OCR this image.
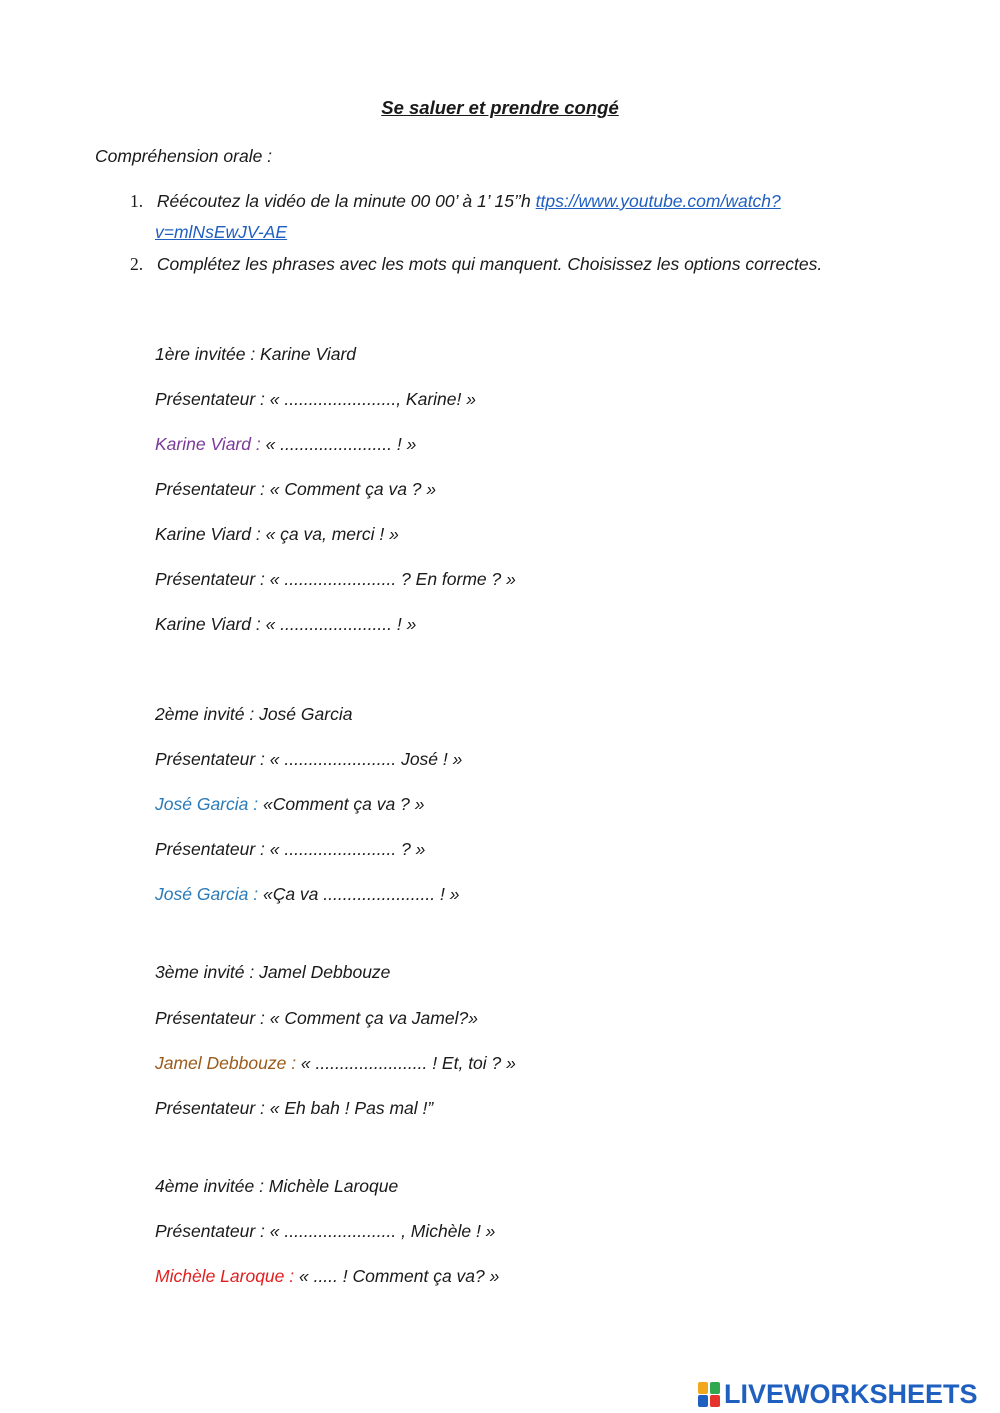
Se saluer et prendre congé
Compréhension orale :
1. Réécoutez la vidéo de la minute 00 00’ à 1’ 15’’h ttps://www.youtube.com/watch?
v=mlNsEwJV-AE
2. Complétez les phrases avec les mots qui manquent. Choisissez les options correctes.
1ère invitée : Karine Viard
Présentateur : « ......................., Karine! »
Karine Viard : « ....................... ! »
Présentateur : « Comment ça va ? »
Karine Viard : « ça va, merci ! »
Présentateur : « ....................... ? En forme ? »
Karine Viard : « ....................... ! »
2ème invité : José Garcia
Présentateur : « ....................... José ! »
José Garcia : «Comment ça va ? »
Présentateur : « ....................... ? »
José Garcia : «Ça va ....................... ! »
3ème invité : Jamel Debbouze
Présentateur : « Comment ça va Jamel?»
Jamel Debbouze : « ....................... ! Et, toi ? »
Présentateur : « Eh bah ! Pas mal !”
4ème invitée : Michèle Laroque
Présentateur : « ....................... , Michèle ! »
Michèle Laroque : « ..... ! Comment ça va? »
LIVEWORKSHEETS
